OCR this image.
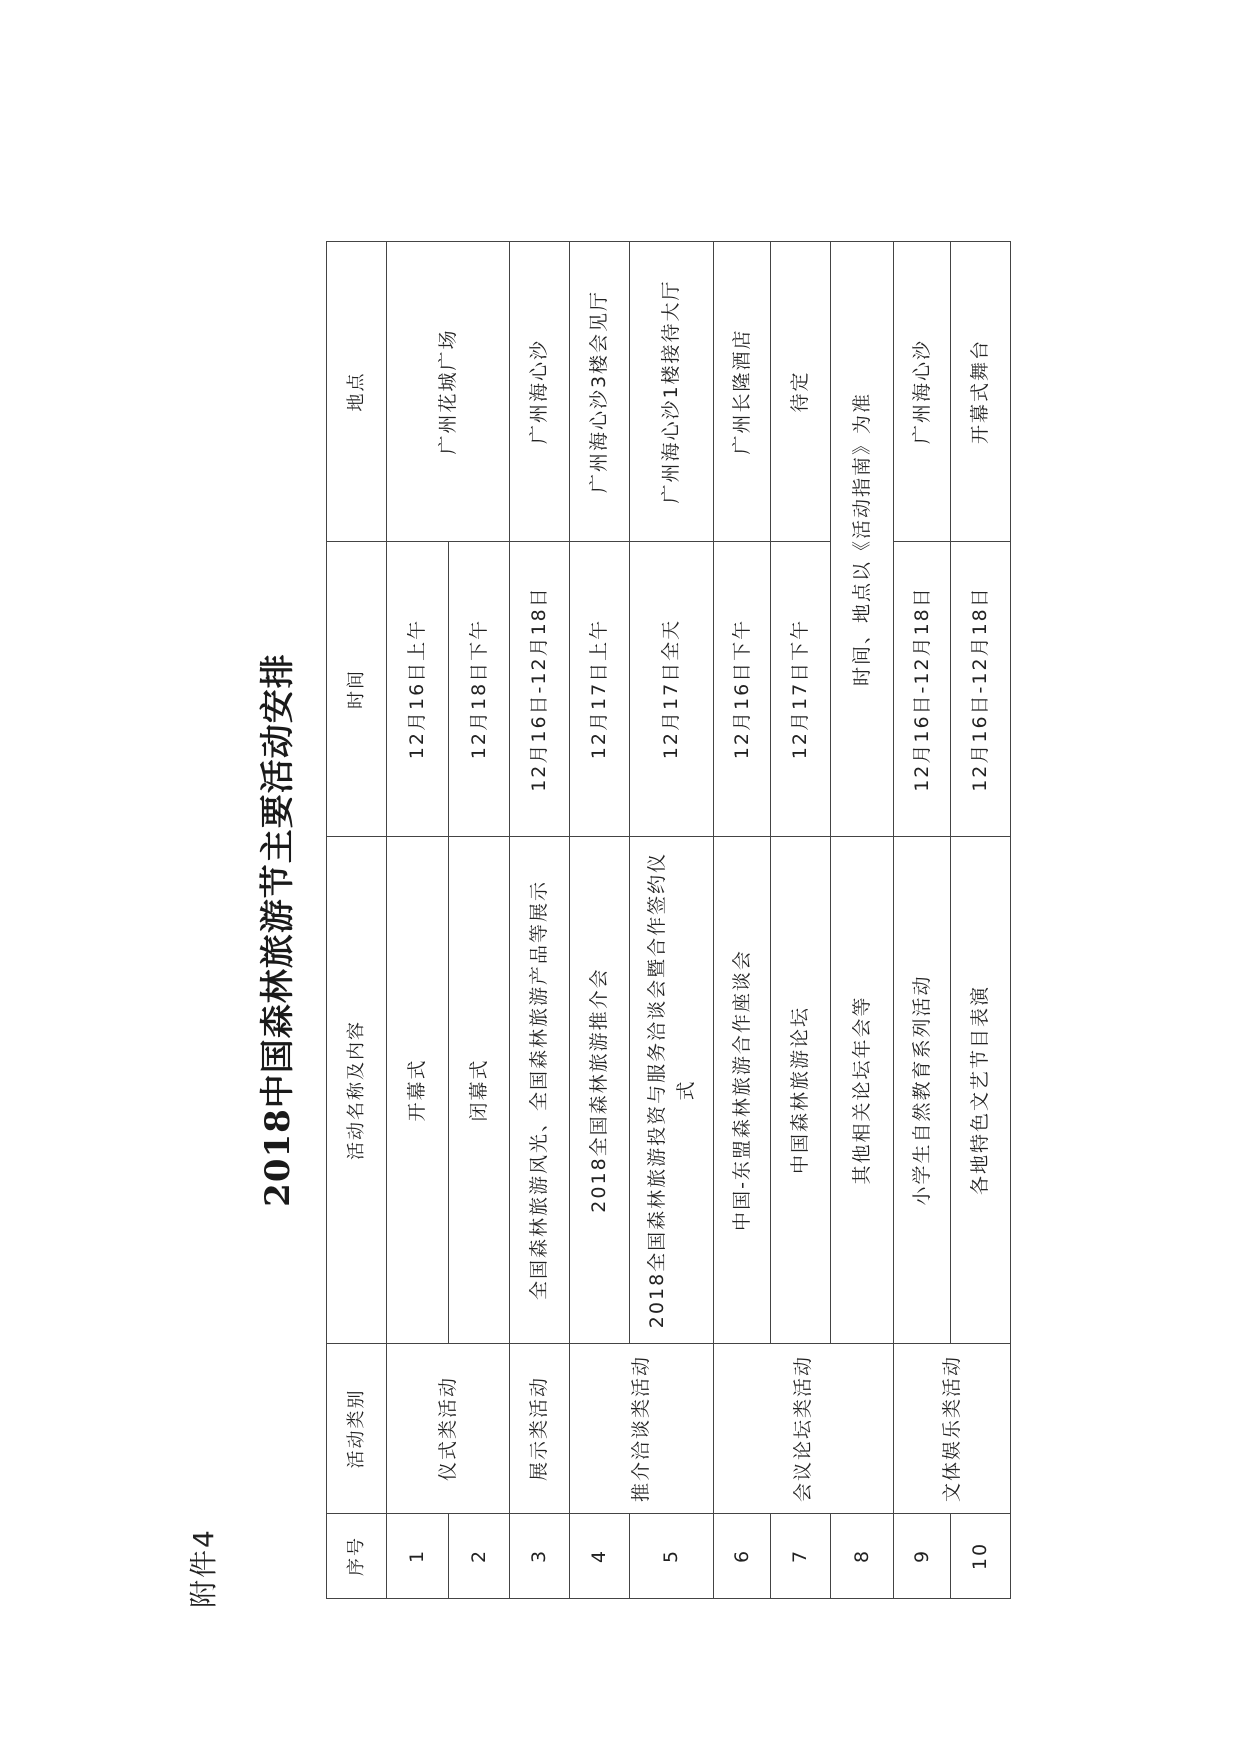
附件4
2018中国森林旅游节主要活动安排
序号	活动类别	活动名称及内容	时间	地点
1	仪式类活动	开幕式	12月16日上午	广州花城广场
2		闭幕式	12月18日下午	
3	展示类活动	全国森林旅游风光、全国森林旅游产品等展示	12月16日-12月18日	广州海心沙
4	推介洽谈类活动	2018全国森林旅游推介会	12月17日上午	广州海心沙3楼会见厅
5		2018全国森林旅游投资与服务洽谈会暨合作签约仪式	12月17日全天	广州海心沙1楼接待大厅
6	会议论坛类活动	中国-东盟森林旅游合作座谈会	12月16日下午	广州长隆酒店
7		中国森林旅游论坛	12月17日下午	待定
8		其他相关论坛年会等	时间、地点以《活动指南》为准	
9	文体娱乐类活动	小学生自然教育系列活动	12月16日-12月18日	广州海心沙
10		各地特色文艺节目表演	12月16日-12月18日	开幕式舞台
